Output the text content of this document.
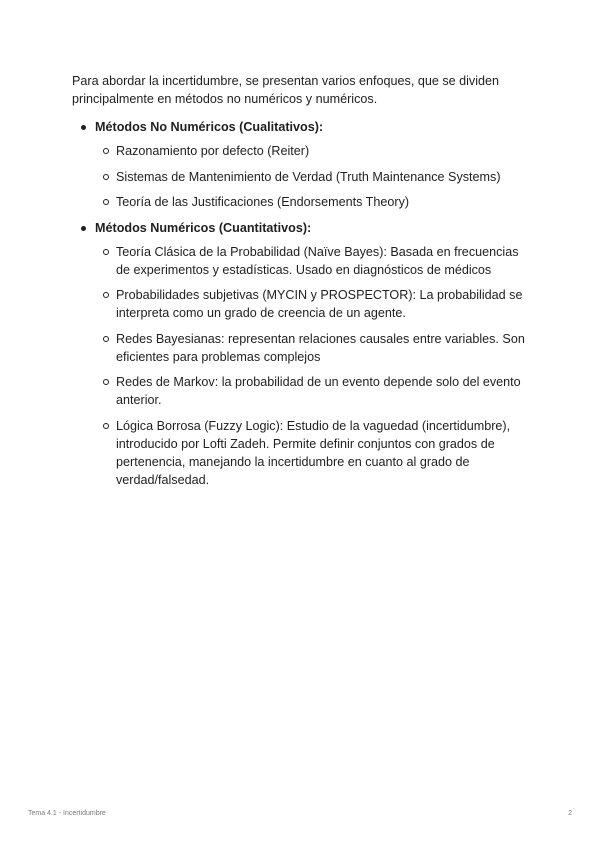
Para abordar la incertidumbre, se presentan varios enfoques, que se dividen principalmente en métodos no numéricos y numéricos.

Métodos No Numéricos (Cualitativos):
Razonamiento por defecto (Reiter)
Sistemas de Mantenimiento de Verdad (Truth Maintenance Systems)
Teoría de las Justificaciones (Endorsements Theory)
Métodos Numéricos (Cuantitativos):
Teoría Clásica de la Probabilidad (Naïve Bayes): Basada en frecuencias de experimentos y estadísticas. Usado en diagnósticos de médicos
Probabilidades subjetivas (MYCIN y PROSPECTOR): La probabilidad se interpreta como un grado de creencia de un agente.
Redes Bayesianas: representan relaciones causales entre variables. Son eficientes para problemas complejos
Redes de Markov: la probabilidad de un evento depende solo del evento anterior.
Lógica Borrosa (Fuzzy Logic): Estudio de la vaguedad (incertidumbre), introducido por Lofti Zadeh. Permite definir conjuntos con grados de pertenencia, manejando la incertidumbre en cuanto al grado de verdad/falsedad.
Tema 4.1 - Incertidumbre	2
